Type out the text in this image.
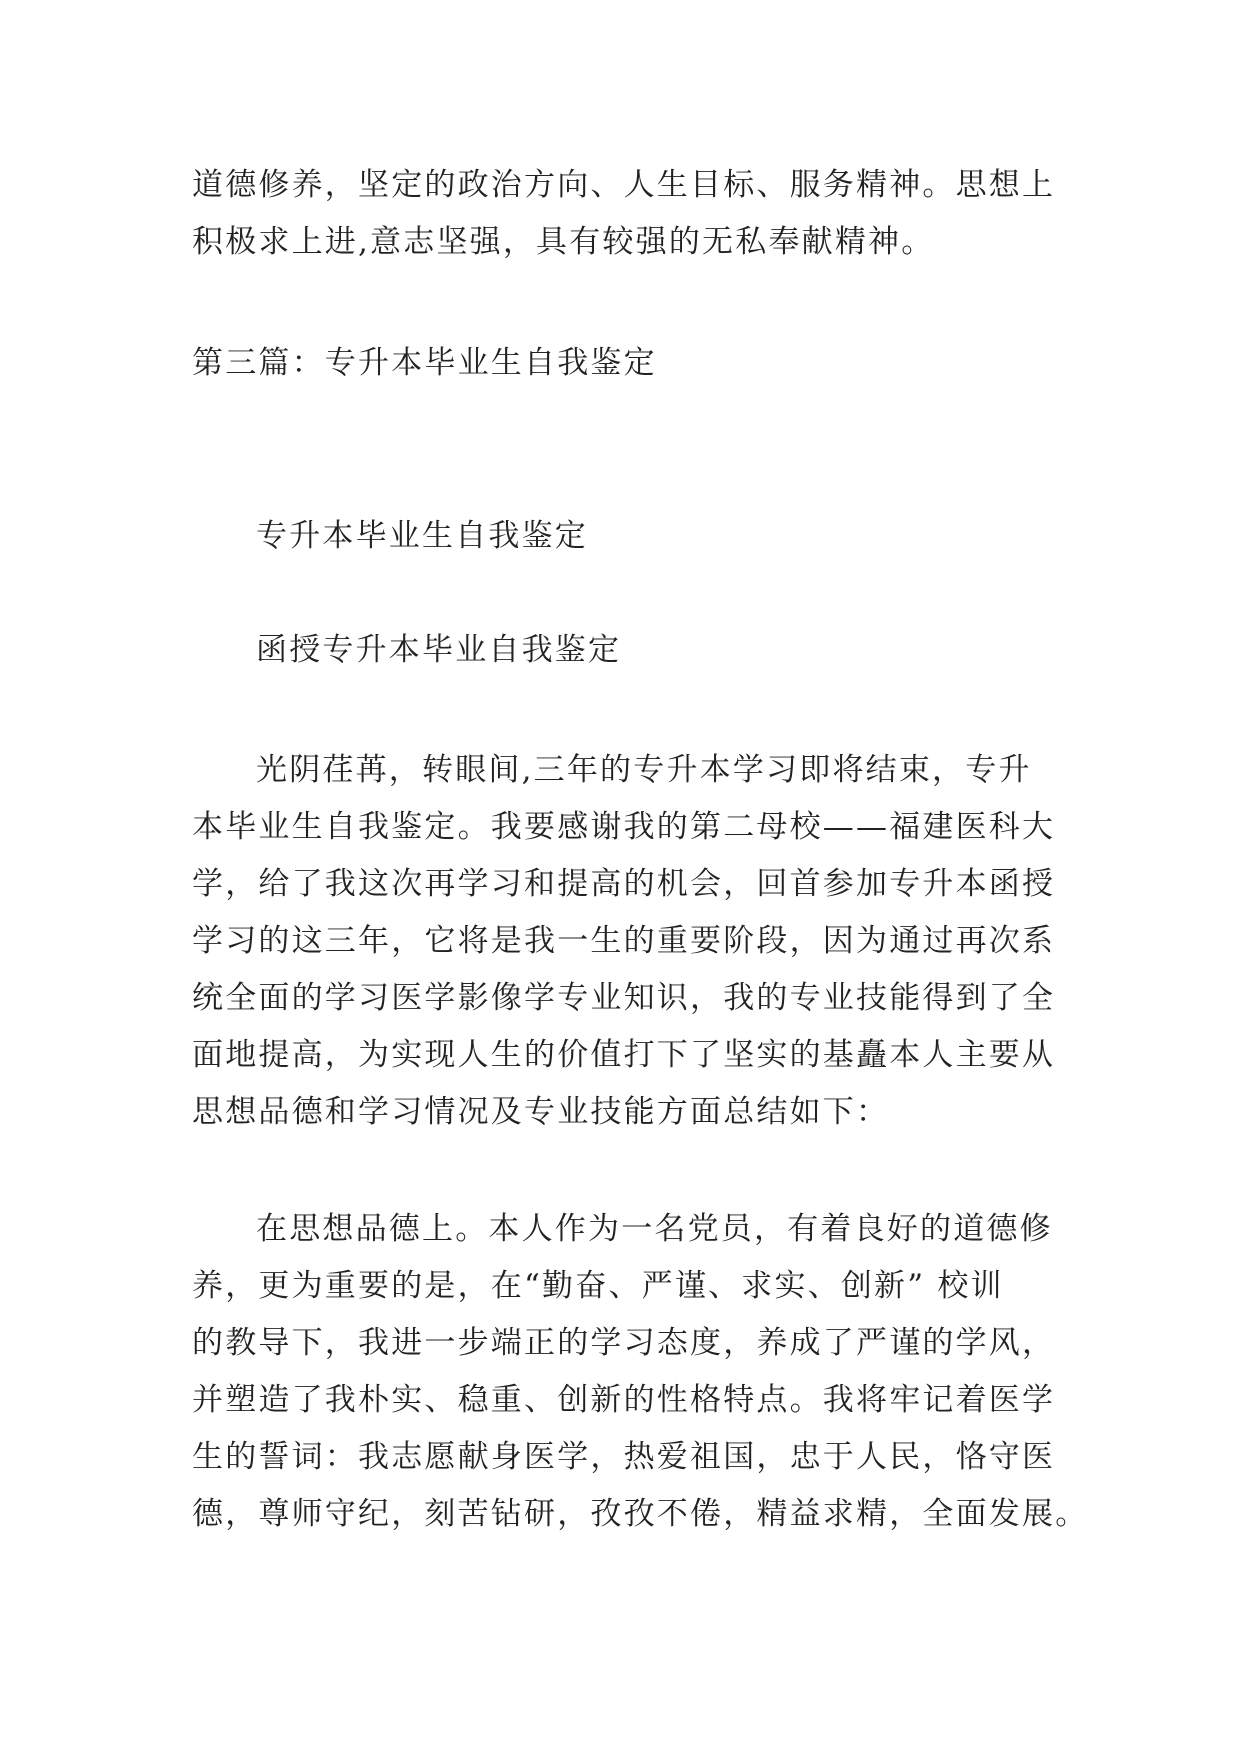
道德修养，坚定的政治方向、人生目标、服务精神。思想上
积极求上进,意志坚强，具有较强的无私奉献精神。
第三篇：专升本毕业生自我鉴定
专升本毕业生自我鉴定
函授专升本毕业自我鉴定
光阴荏苒，转眼间,三年的专升本学习即将结束，专升
本毕业生自我鉴定。我要感谢我的第二母校——福建医科大
学，给了我这次再学习和提高的机会，回首参加专升本函授
学习的这三年，它将是我一生的重要阶段，因为通过再次系
统全面的学习医学影像学专业知识，我的专业技能得到了全
面地提高，为实现人生的价值打下了坚实的基矗本人主要从
思想品德和学习情况及专业技能方面总结如下：
在思想品德上。本人作为一名党员，有着良好的道德修
养，更为重要的是，在“勤奋、严谨、求实、创新” 校训
的教导下，我进一步端正的学习态度，养成了严谨的学风，
并塑造了我朴实、稳重、创新的性格特点。我将牢记着医学
生的誓词：我志愿献身医学，热爱祖国，忠于人民，恪守医
德，尊师守纪，刻苦钻研，孜孜不倦，精益求精，全面发展。
